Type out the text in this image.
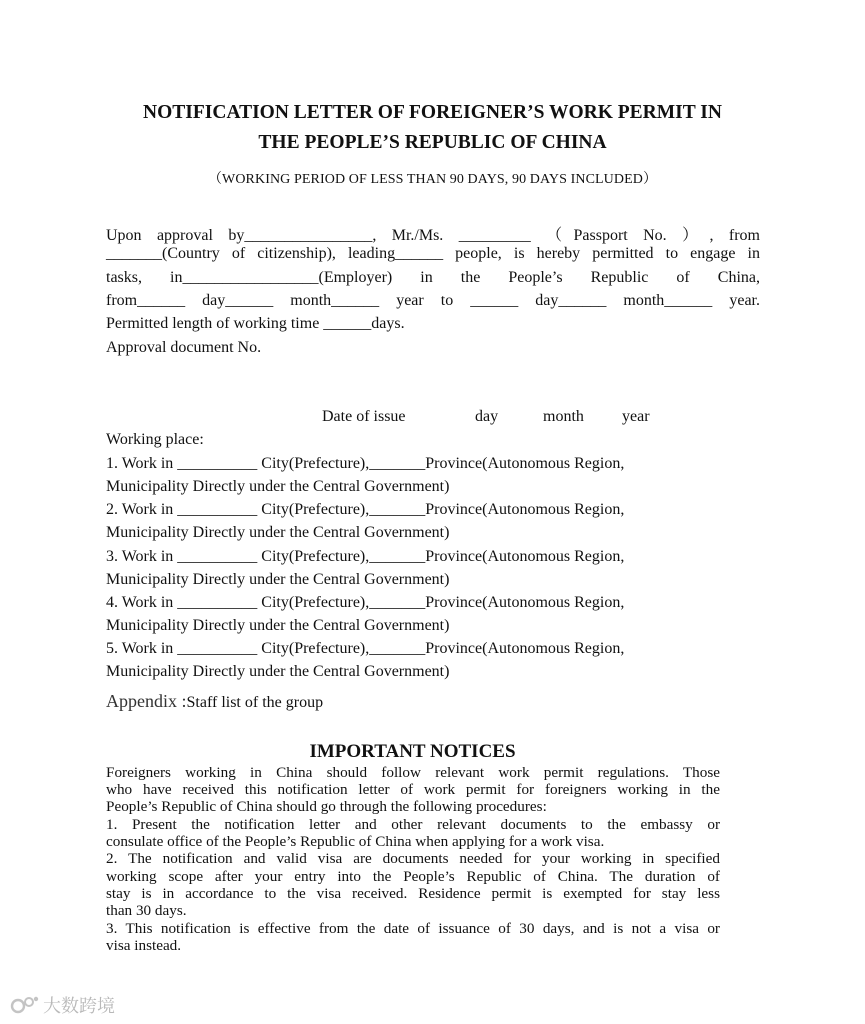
NOTIFICATION LETTER OF FOREIGNER’S WORK PERMIT IN
THE PEOPLE’S REPUBLIC OF CHINA
（WORKING PERIOD OF LESS THAN 90 DAYS, 90 DAYS INCLUDED）
Upon approval by________________, Mr./Ms. _________ （Passport No. ）, from
_______(Country of citizenship), leading______ people, is hereby permitted to engage in
tasks, in_________________(Employer) in the People’s Republic of China,
from______ day______ month______ year to ______ day______ month______ year.
Permitted length of working time ______days.
Approval document No.
Date of issue	day	month year
Working place:
1. Work in __________ City(Prefecture),_______Province(Autonomous Region,
Municipality Directly under the Central Government)
2. Work in __________ City(Prefecture),_______Province(Autonomous Region,
Municipality Directly under the Central Government)
3. Work in __________ City(Prefecture),_______Province(Autonomous Region,
Municipality Directly under the Central Government)
4. Work in __________ City(Prefecture),_______Province(Autonomous Region,
Municipality Directly under the Central Government)
5. Work in __________ City(Prefecture),_______Province(Autonomous Region,
Municipality Directly under the Central Government)
Appendix :Staff list of the group
IMPORTANT NOTICES
Foreigners working in China should follow relevant work permit regulations. Those
who have received this notification letter of work permit for foreigners working in the
People’s Republic of China should go through the following procedures:
1. Present the notification letter and other relevant documents to the embassy or
consulate office of the People’s Republic of China when applying for a work visa.
2. The notification and valid visa are documents needed for your working in specified
working scope after your entry into the People’s Republic of China. The duration of
stay is in accordance to the visa received. Residence permit is exempted for stay less
than 30 days.
3. This notification is effective from the date of issuance of 30 days, and is not a visa or
visa instead.
大数跨境
